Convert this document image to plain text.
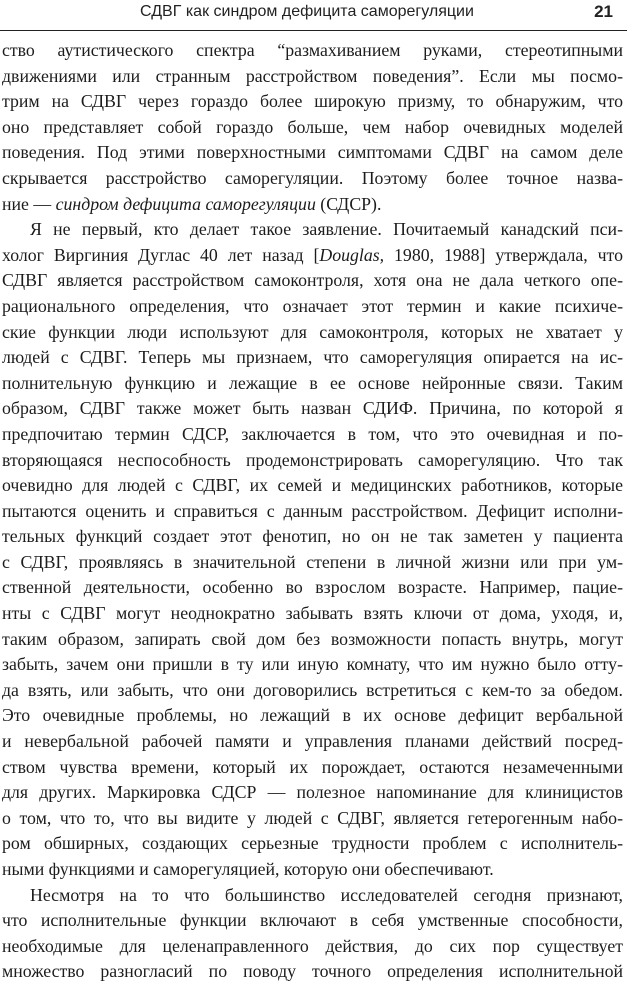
СДВГ как синдром дефицита саморегуляции	21
ство аутистического спектра “размахиванием руками, стереотипными
движениями или странным расстройством поведения”. Если мы посмо-
трим на СДВГ через гораздо более широкую призму, то обнаружим, что
оно представляет собой гораздо больше, чем набор очевидных моделей
поведения. Под этими поверхностными симптомами СДВГ на самом деле
скрывается расстройство саморегуляции. Поэтому более точное назва-
ние — синдром дефицита саморегуляции (СДСР).
Я не первый, кто делает такое заявление. Почитаемый канадский пси-
холог Виргиния Дуглас 40 лет назад [Douglas, 1980, 1988] утверждала, что
СДВГ является расстройством самоконтроля, хотя она не дала четкого опе-
рационального определения, что означает этот термин и какие психиче-
ские функции люди используют для самоконтроля, которых не хватает у
людей с СДВГ. Теперь мы признаем, что саморегуляция опирается на ис-
полнительную функцию и лежащие в ее основе нейронные связи. Таким
образом, СДВГ также может быть назван СДИФ. Причина, по которой я
предпочитаю термин СДСР, заключается в том, что это очевидная и по-
вторяющаяся неспособность продемонстрировать саморегуляцию. Что так
очевидно для людей с СДВГ, их семей и медицинских работников, которые
пытаются оценить и справиться с данным расстройством. Дефицит исполни-
тельных функций создает этот фенотип, но он не так заметен у пациента
с СДВГ, проявляясь в значительной степени в личной жизни или при ум-
ственной деятельности, особенно во взрослом возрасте. Например, пацие-
нты с СДВГ могут неоднократно забывать взять ключи от дома, уходя, и,
таким образом, запирать свой дом без возможности попасть внутрь, могут
забыть, зачем они пришли в ту или иную комнату, что им нужно было отту-
да взять, или забыть, что они договорились встретиться с кем-то за обедом.
Это очевидные проблемы, но лежащий в их основе дефицит вербальной
и невербальной рабочей памяти и управления планами действий посред-
ством чувства времени, который их порождает, остаются незамеченными
для других. Маркировка СДСР — полезное напоминание для клиницистов
о том, что то, что вы видите у людей с СДВГ, является гетерогенным набо-
ром обширных, создающих серьезные трудности проблем с исполнитель-
ными функциями и саморегуляцией, которую они обеспечивают.
Несмотря на то что большинство исследователей сегодня признают,
что исполнительные функции включают в себя умственные способности,
необходимые для целенаправленного действия, до сих пор существует
множество разногласий по поводу точного определения исполнительной
